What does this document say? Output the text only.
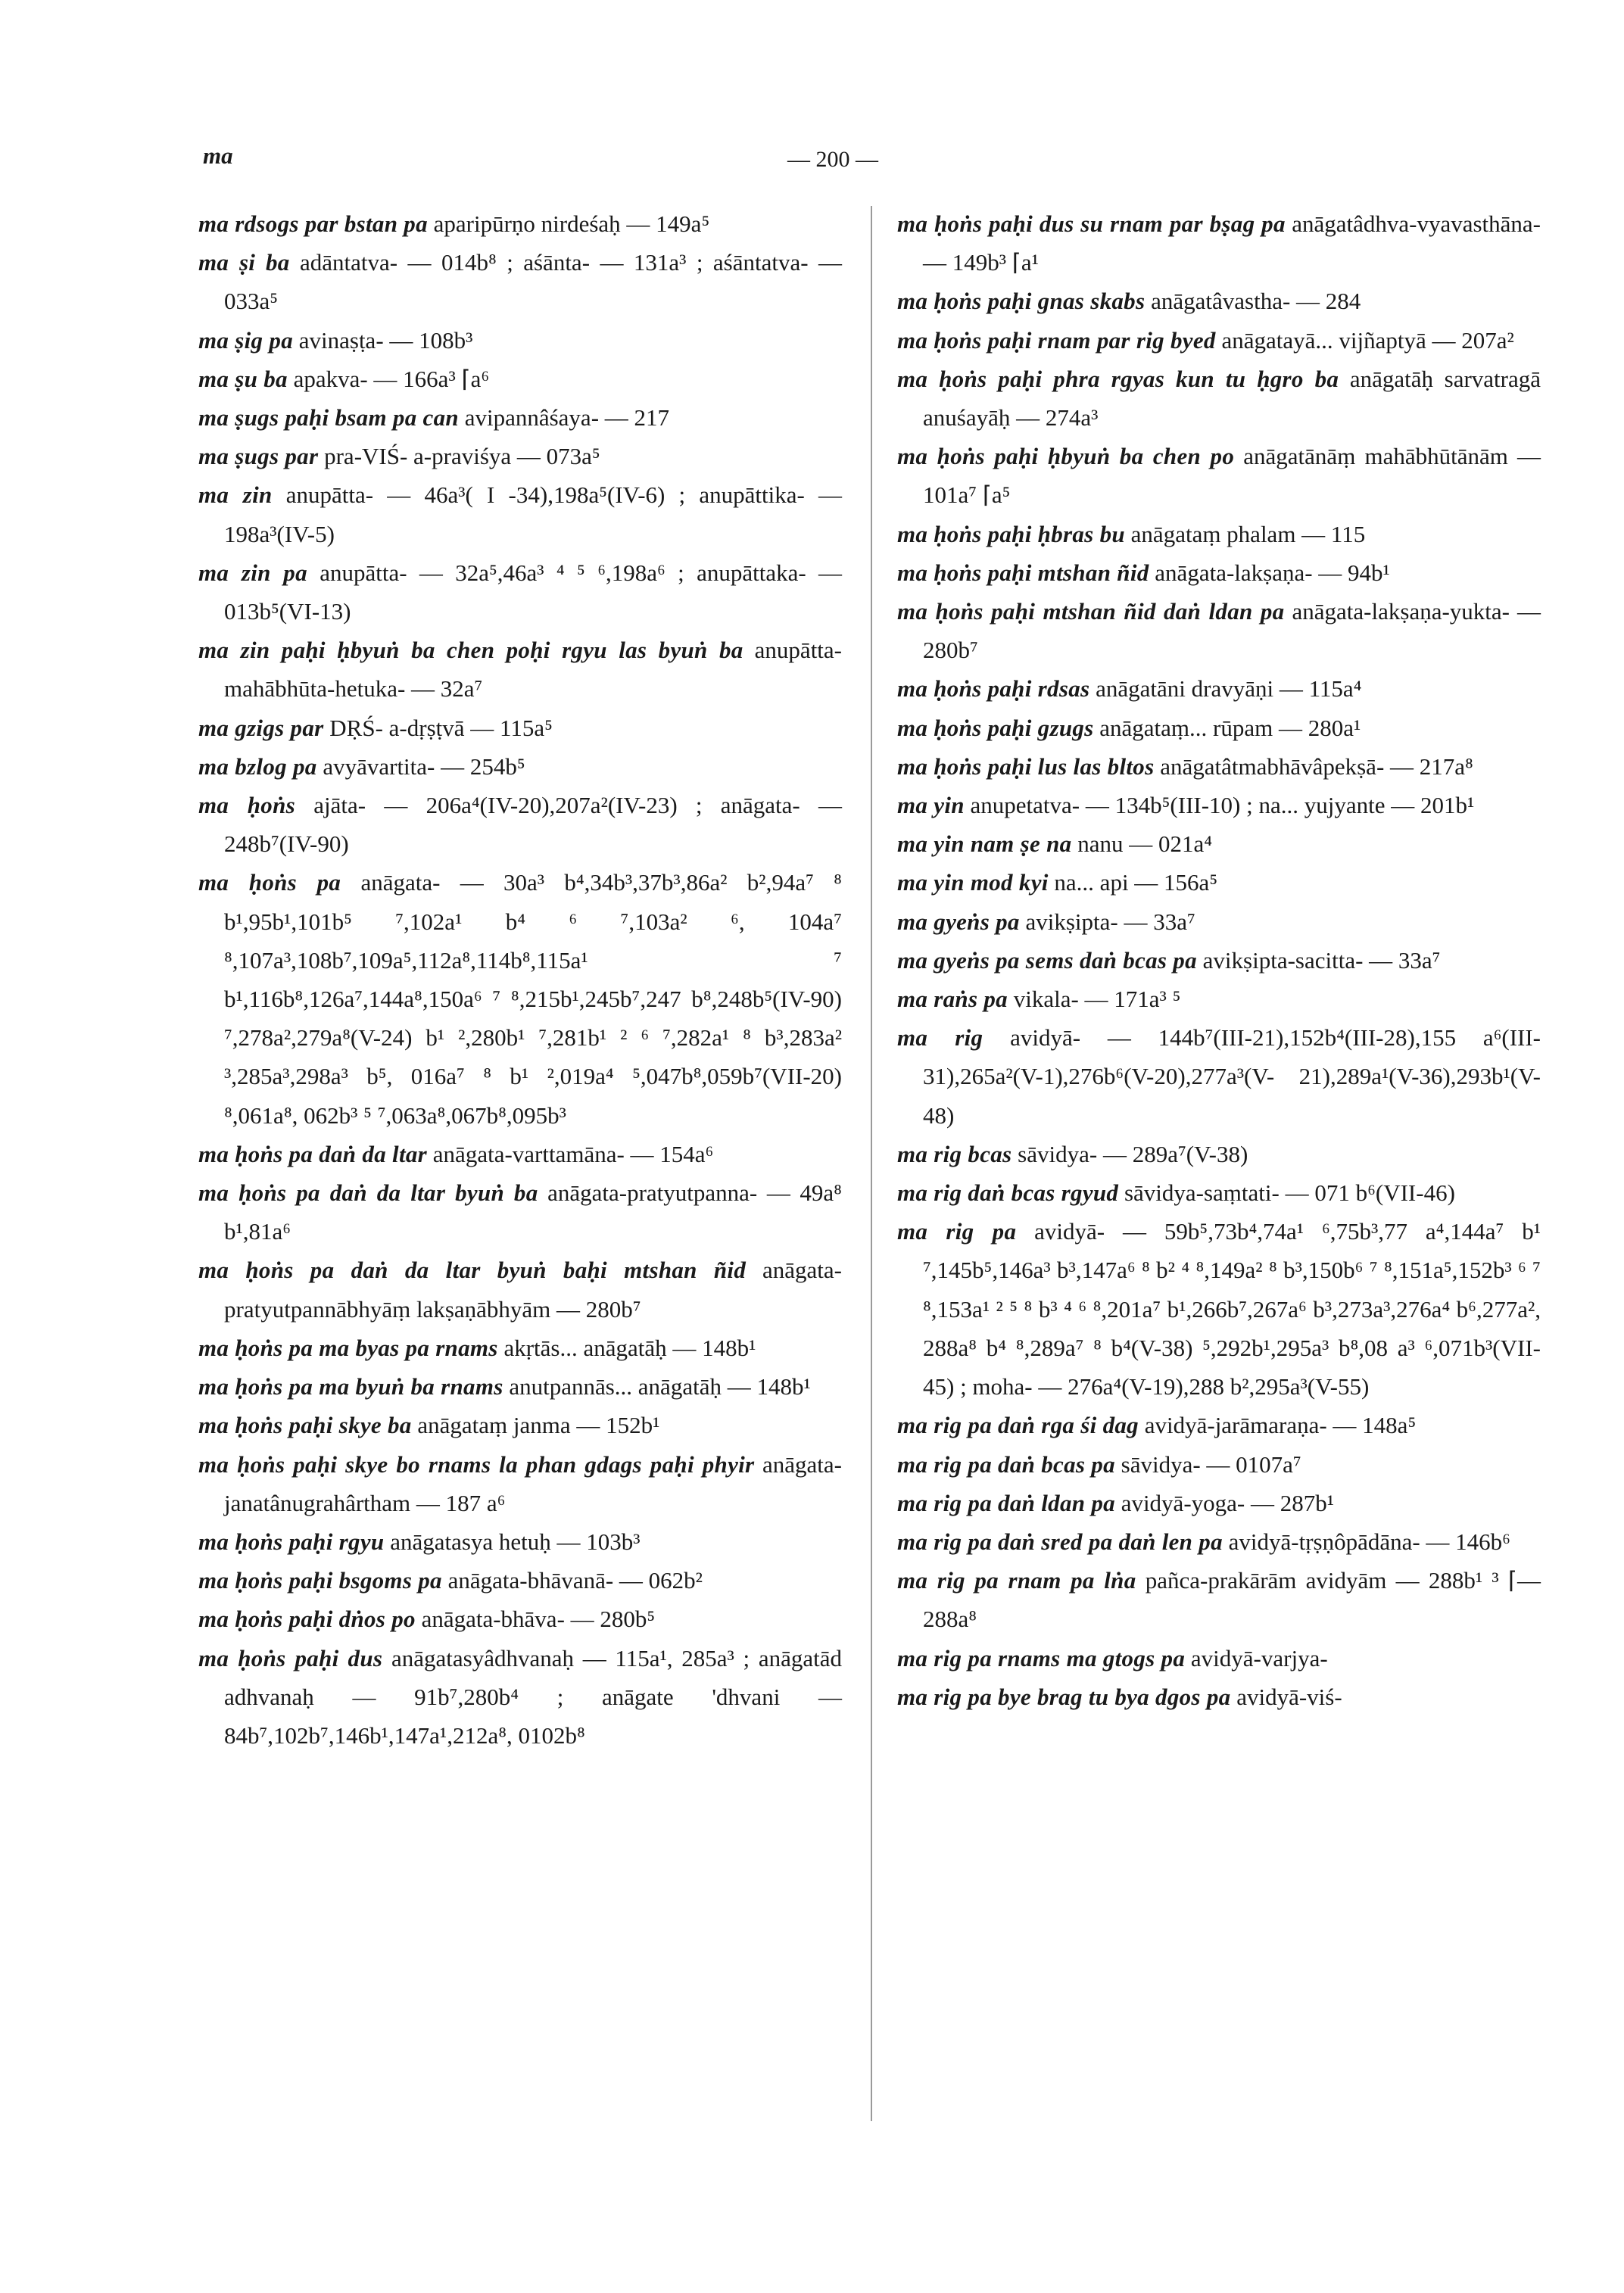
ma	— 200 —

ma rdsogs par bstan pa aparipūrṇo nirdeśaḥ — 149a⁵

ma ṣi ba adāntatva- — 014b⁸ ; aśānta- — 131a³ ; aśāntatva- — 033a⁵

ma ṣig pa avinaṣṭa- — 108b³

ma ṣu ba apakva- — 166a³ ⌈a⁶

ma ṣugs paḥi bsam pa can avipannâśaya- — 217

ma ṣugs par pra-VIŚ- a-praviśya — 073a⁵

ma zin anupātta- — 46a³( I -34),198a⁵(IV-6) ; anupāttika- — 198a³(IV-5)

ma zin pa anupātta- — 32a⁵,46a³ ⁴ ⁵ ⁶,198a⁶ ; anupāttaka- — 013b⁵(VI-13)

ma zin paḥi ḥbyuṅ ba chen poḥi rgyu las byuṅ ba anupātta-mahābhūta-hetuka- — 32a⁷

ma gzigs par DṚŚ- a-dṛṣṭvā — 115a⁵

ma bzlog pa avyāvartita- — 254b⁵

ma ḥoṅs ajāta- — 206a⁴(IV-20),207a²(IV-23) ; anāgata- — 248b⁷(IV-90)

ma ḥoṅs pa anāgata- — 30a³ b⁴,34b³,37b³,86a² b²,94a⁷ ⁸ b¹,95b¹,101b⁵ ⁷,102a¹ b⁴ ⁶ ⁷,103a² ⁶, 104a⁷ ⁸,107a³,108b⁷,109a⁵,112a⁸,114b⁸,115a¹ ⁷ b¹,116b⁸,126a⁷,144a⁸,150a⁶ ⁷ ⁸,215b¹,245b⁷,247 b⁸,248b⁵(IV-90) ⁷,278a²,279a⁸(V-24) b¹ ²,280b¹ ⁷,281b¹ ² ⁶ ⁷,282a¹ ⁸ b³,283a² ³,285a³,298a³ b⁵, 016a⁷ ⁸ b¹ ²,019a⁴ ⁵,047b⁸,059b⁷(VII-20) ⁸,061a⁸, 062b³ ⁵ ⁷,063a⁸,067b⁸,095b³

ma ḥoṅs pa daṅ da ltar anāgata-varttamāna- — 154a⁶

ma ḥoṅs pa daṅ da ltar byuṅ ba anāgata-pratyutpanna- — 49a⁸ b¹,81a⁶

ma ḥoṅs pa daṅ da ltar byuṅ baḥi mtshan ñid anāgata-pratyutpannābhyāṃ lakṣaṇābhyām — 280b⁷

ma ḥoṅs pa ma byas pa rnams akṛtās... anāgatāḥ — 148b¹

ma ḥoṅs pa ma byuṅ ba rnams anutpannās... anāgatāḥ — 148b¹

ma ḥoṅs paḥi skye ba anāgataṃ janma — 152b¹

ma ḥoṅs paḥi skye bo rnams la phan gdags paḥi phyir anāgata-janatânugrahârtham — 187 a⁶

ma ḥoṅs paḥi rgyu anāgatasya hetuḥ — 103b³

ma ḥoṅs paḥi bsgoms pa anāgata-bhāvanā- — 062b²

ma ḥoṅs paḥi dṅos po anāgata-bhāva- — 280b⁵

ma ḥoṅs paḥi dus anāgatasyâdhvanaḥ — 115a¹, 285a³ ; anāgatād adhvanaḥ — 91b⁷,280b⁴ ; anāgate 'dhvani — 84b⁷,102b⁷,146b¹,147a¹,212a⁸, 0102b⁸

ma ḥoṅs paḥi dus su rnam par bṣag pa anāgatâdhva-vyavasthāna- — 149b³ ⌈a¹

ma ḥoṅs paḥi gnas skabs anāgatâvastha- — 284

ma ḥoṅs paḥi rnam par rig byed anāgatayā... vijñaptyā — 207a²

ma ḥoṅs paḥi phra rgyas kun tu ḥgro ba anāgatāḥ sarvatragā anuśayāḥ — 274a³

ma ḥoṅs paḥi ḥbyuṅ ba chen po anāgatānāṃ mahābhūtānām — 101a⁷ ⌈a⁵

ma ḥoṅs paḥi ḥbras bu anāgataṃ phalam — 115

ma ḥoṅs paḥi mtshan ñid anāgata-lakṣaṇa- — 94b¹

ma ḥoṅs paḥi mtshan ñid daṅ ldan pa anāgata-lakṣaṇa-yukta- — 280b⁷

ma ḥoṅs paḥi rdsas anāgatāni dravyāṇi — 115a⁴

ma ḥoṅs paḥi gzugs anāgataṃ... rūpam — 280a¹

ma ḥoṅs paḥi lus las bltos anāgatâtmabhāvâpekṣā- — 217a⁸

ma yin anupetatva- — 134b⁵(III-10) ; na... yujyante — 201b¹

ma yin nam ṣe na nanu — 021a⁴

ma yin mod kyi na... api — 156a⁵

ma gyeṅs pa avikṣipta- — 33a⁷

ma gyeṅs pa sems daṅ bcas pa avikṣipta-sacitta- — 33a⁷

ma raṅs pa vikala- — 171a³ ⁵

ma rig avidyā- — 144b⁷(III-21),152b⁴(III-28),155 a⁶(III-31),265a²(V-1),276b⁶(V-20),277a³(V- 21),289a¹(V-36),293b¹(V-48)

ma rig bcas sāvidya- — 289a⁷(V-38)

ma rig daṅ bcas rgyud sāvidya-saṃtati- — 071 b⁶(VII-46)

ma rig pa avidyā- — 59b⁵,73b⁴,74a¹ ⁶,75b³,77 a⁴,144a⁷ b¹ ⁷,145b⁵,146a³ b³,147a⁶ ⁸ b² ⁴ ⁸,149a² ⁸ b³,150b⁶ ⁷ ⁸,151a⁵,152b³ ⁶ ⁷ ⁸,153a¹ ² ⁵ ⁸ b³ ⁴ ⁶ ⁸,201a⁷ b¹,266b⁷,267a⁶ b³,273a³,276a⁴ b⁶,277a², 288a⁸ b⁴ ⁸,289a⁷ ⁸ b⁴(V-38) ⁵,292b¹,295a³ b⁸,08 a³ ⁶,071b³(VII-45) ; moha- — 276a⁴(V-19),288 b²,295a³(V-55)

ma rig pa daṅ rga śi dag avidyā-jarāmaraṇa- — 148a⁵

ma rig pa daṅ bcas pa sāvidya- — 0107a⁷

ma rig pa daṅ ldan pa avidyā-yoga- — 287b¹

ma rig pa daṅ sred pa daṅ len pa avidyā-tṛṣṇôpādāna- — 146b⁶

ma rig pa rnam pa lṅa pañca-prakārām avidyām — 288b¹ ³ ⌈— 288a⁸

ma rig pa rnams ma gtogs pa avidyā-varjya-

ma rig pa bye brag tu bya dgos pa avidyā-viś-
